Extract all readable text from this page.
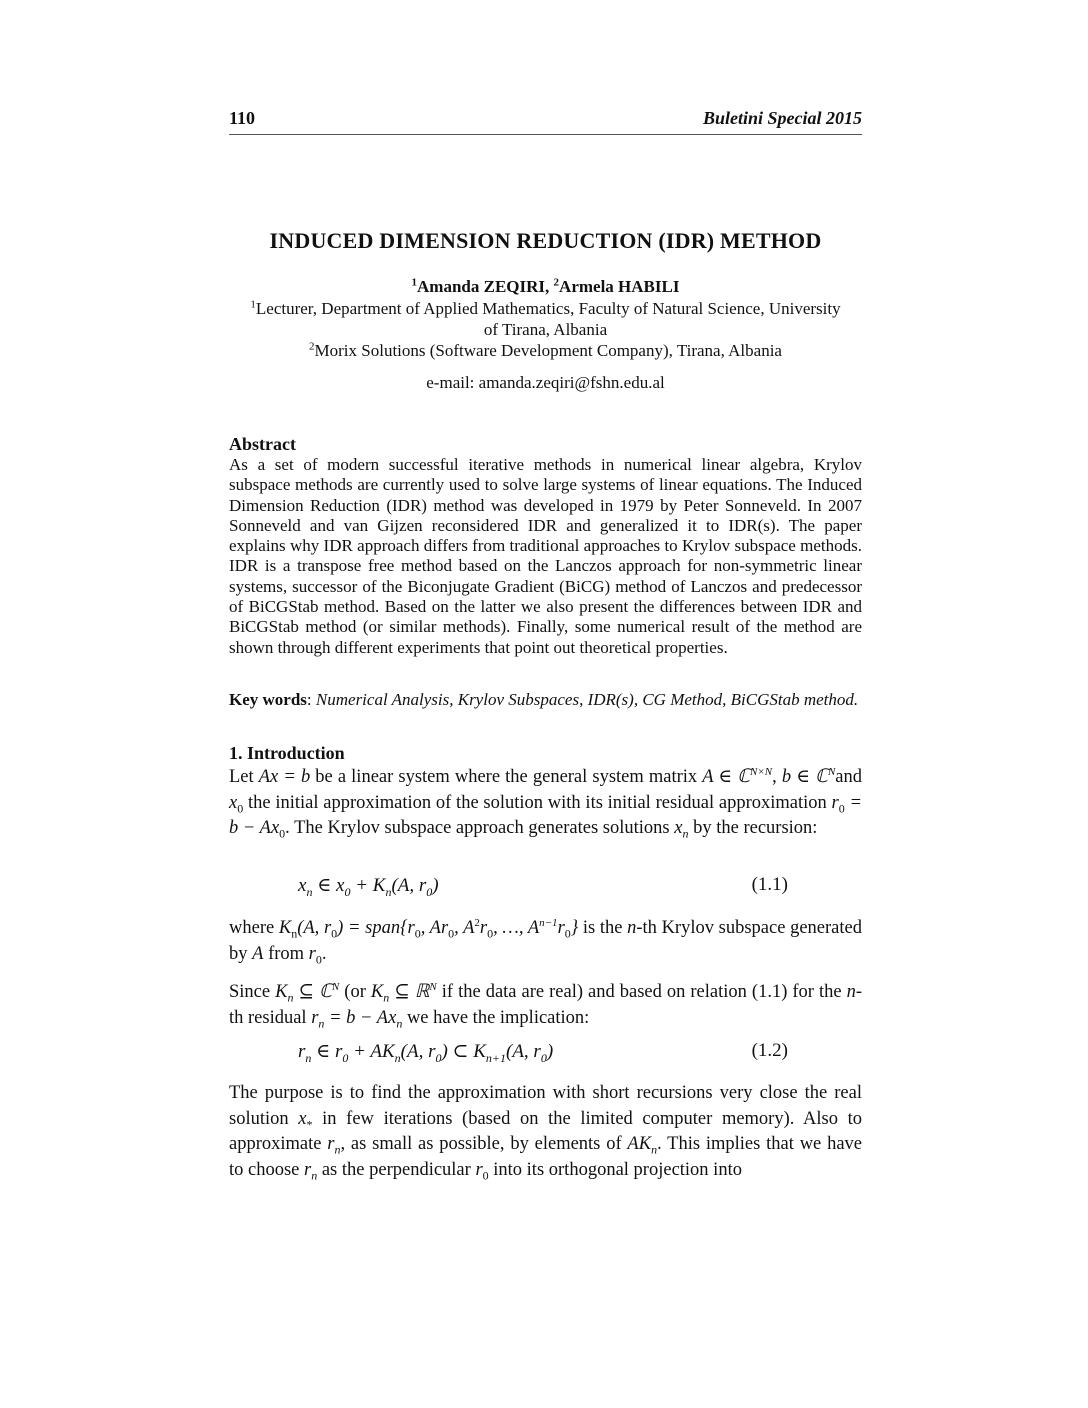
110	Buletini Special 2015
INDUCED DIMENSION REDUCTION (IDR) METHOD
$^1$Amanda ZEQIRI, $^2$Armela HABILI
$^1$Lecturer, Department of Applied Mathematics, Faculty of Natural Science, University
of Tirana, Albania
$^2$Morix Solutions (Software Development Company), Tirana, Albania
e-mail: amanda.zeqiri@fshn.edu.al
Abstract
As a set of modern successful iterative methods in numerical linear algebra, Krylov subspace methods are currently used to solve large systems of linear equations. The Induced Dimension Reduction (IDR) method was developed in 1979 by Peter Sonneveld. In 2007 Sonneveld and van Gijzen reconsidered IDR and generalized it to IDR(s). The paper explains why IDR approach differs from traditional approaches to Krylov subspace methods. IDR is a transpose free method based on the Lanczos approach for non-symmetric linear systems, successor of the Biconjugate Gradient (BiCG) method of Lanczos and predecessor of BiCGStab method. Based on the latter we also present the differences between IDR and BiCGStab method (or similar methods). Finally, some numerical result of the method are shown through different experiments that point out theoretical properties.
Key words: Numerical Analysis, Krylov Subspaces, IDR(s), CG Method, BiCGStab method.
1. Introduction
Let Ax = b be a linear system where the general system matrix A ∈ ℂ$^{N\times N}$, b ∈ ℂ$^N$and $x_0$ the initial approximation of the solution with its initial residual approximation $r_0 = b - Ax_0$. The Krylov subspace approach generates solutions $x_n$ by the recursion:
$x_n$ ∈ $x_0 + K_n(A$, $r_0$)	(1.1)
where $K_n(A$, $r_0$) = $span\{r_0$, $Ar_0$, $A^2r_0$, …, $A^{n-1}r_0$} is the n-th Krylov subspace generated by A from $r_0$.
Since $K_n$ ⊆ ℂ$^N$ (or $K_n$ ⊆ ℝ$^N$ if the data are real) and based on relation (1.1) for the n-th residual $r_n = b - Ax_n$ we have the implication:
$r_n$ ∈ $r_0 + AK_n(A$, $r_0$) ⊂ $K_{n+1}(A$, $r_0$)	(1.2)
The purpose is to find the approximation with short recursions very close the real solution $x_*$ in few iterations (based on the limited computer memory). Also to approximate $r_n$, as small as possible, by elements of $AK_n$. This implies that we have to choose $r_n$ as the perpendicular $r_0$ into its orthogonal projection into
